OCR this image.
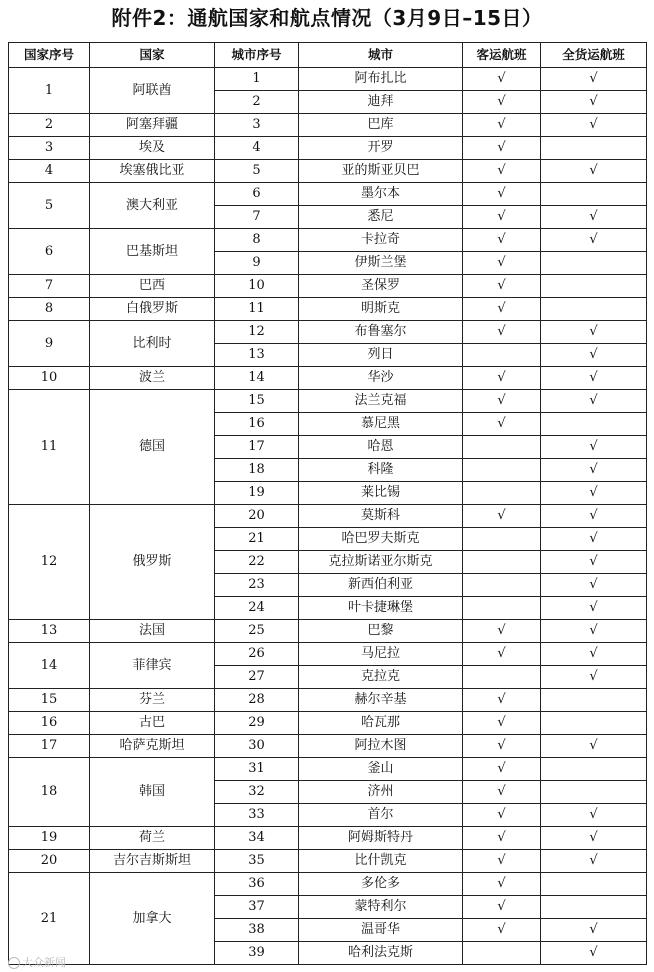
附件2：通航国家和航点情况（3月9日–15日）
国家序号	国家	城市序号	城市	客运航班	全货运航班
1	阿联酋	1	阿布扎比	√	√
		2	迪拜	√	√
2	阿塞拜疆	3	巴库	√	√
3	埃及	4	开罗	√	
4	埃塞俄比亚	5	亚的斯亚贝巴	√	√
5	澳大利亚	6	墨尔本	√	
		7	悉尼	√	√
6	巴基斯坦	8	卡拉奇	√	√
		9	伊斯兰堡	√	
7	巴西	10	圣保罗	√	
8	白俄罗斯	11	明斯克	√	
9	比利时	12	布鲁塞尔	√	√
		13	列日		√
10	波兰	14	华沙	√	√
11	德国	15	法兰克福	√	√
		16	慕尼黑	√	
		17	哈恩		√
		18	科隆		√
		19	莱比锡		√
12	俄罗斯	20	莫斯科	√	√
		21	哈巴罗夫斯克		√
		22	克拉斯诺亚尔斯克		√
		23	新西伯利亚		√
		24	叶卡捷琳堡		√
13	法国	25	巴黎	√	√
14	菲律宾	26	马尼拉	√	√
		27	克拉克		√
15	芬兰	28	赫尔辛基	√	
16	古巴	29	哈瓦那	√	
17	哈萨克斯坦	30	阿拉木图	√	√
18	韩国	31	釜山	√	
		32	济州	√	
		33	首尔	√	√
19	荷兰	34	阿姆斯特丹	√	√
20	吉尔吉斯斯坦	35	比什凯克	√	√
21	加拿大	36	多伦多	√	
		37	蒙特利尔	√	
		38	温哥华	√	√
		39	哈利法克斯		√
大众新闻
